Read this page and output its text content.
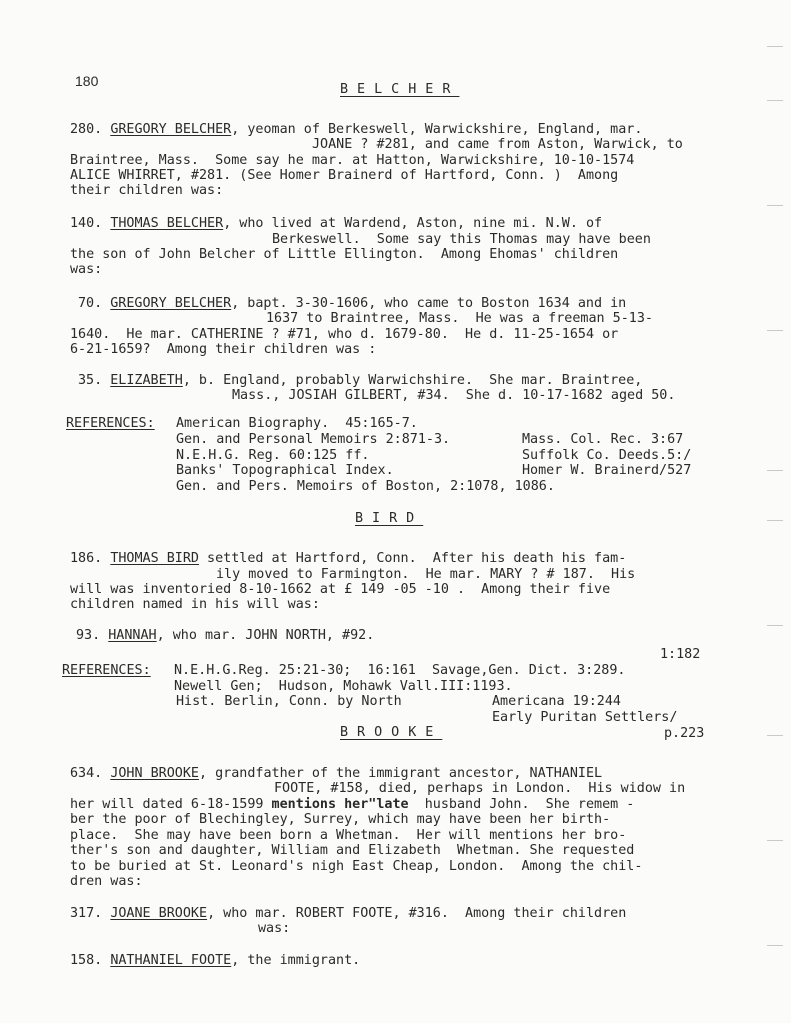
180
BELCHER
280. GREGORY BELCHER, yeoman of Berkeswell, Warwickshire, England, mar.
JOANE ? #281, and came from Aston, Warwick, to
Braintree, Mass.  Some say he mar. at Hatton, Warwickshire, 10-10-1574
ALICE WHIRRET, #281. (See Homer Brainerd of Hartford, Conn. )  Among
their children was:
140. THOMAS BELCHER, who lived at Wardend, Aston, nine mi. N.W. of
Berkeswell.  Some say this Thomas may have been
the son of John Belcher of Little Ellington.  Among Ehomas' children
was:
70. GREGORY BELCHER, bapt. 3-30-1606, who came to Boston 1634 and in
1637 to Braintree, Mass.  He was a freeman 5-13-
1640.  He mar. CATHERINE ? #71, who d. 1679-80.  He d. 11-25-1654 or
6-21-1659?  Among their children was :
35. ELIZABETH, b. England, probably Warwichshire.  She mar. Braintree,
Mass., JOSIAH GILBERT, #34.  She d. 10-17-1682 aged 50.
REFERENCES: American Biography.  45:165-7.
Gen. and Personal Memoirs 2:871-3.	Mass. Col. Rec. 3:67
N.E.H.G. Reg. 60:125 ff.	Suffolk Co. Deeds.5:/
Banks' Topographical Index.	Homer W. Brainerd/527
Gen. and Pers. Memoirs of Boston, 2:1078, 1086.
BIRD
186. THOMAS BIRD settled at Hartford, Conn.  After his death his fam-
ily moved to Farmington.  He mar. MARY ? # 187.  His
will was inventoried 8-10-1662 at £ 149 -05 -10 .  Among their five
children named in his will was:
93. HANNAH, who mar. JOHN NORTH, #92.
1:182
REFERENCES: N.E.H.G.Reg. 25:21-30;  16:161  Savage,Gen. Dict. 3:289.
Newell Gen;  Hudson, Mohawk Vall.III:1193.
Hist. Berlin, Conn. by North	Americana 19:244
Early Puritan Settlers/
p.223
BROOKE
634. JOHN BROOKE, grandfather of the immigrant ancestor, NATHANIEL
FOOTE, #158, died, perhaps in London.  His widow in
her will dated 6-18-1599 mentions her"late  husband John.  She remem -
ber the poor of Blechingley, Surrey, which may have been her birth-
place.  She may have been born a Whetman.  Her will mentions her bro-
ther's son and daughter, William and Elizabeth  Whetman. She requested
to be buried at St. Leonard's nigh East Cheap, London.  Among the chil-
dren was:
317. JOANE BROOKE, who mar. ROBERT FOOTE, #316.  Among their children
was:
158. NATHANIEL FOOTE, the immigrant.
